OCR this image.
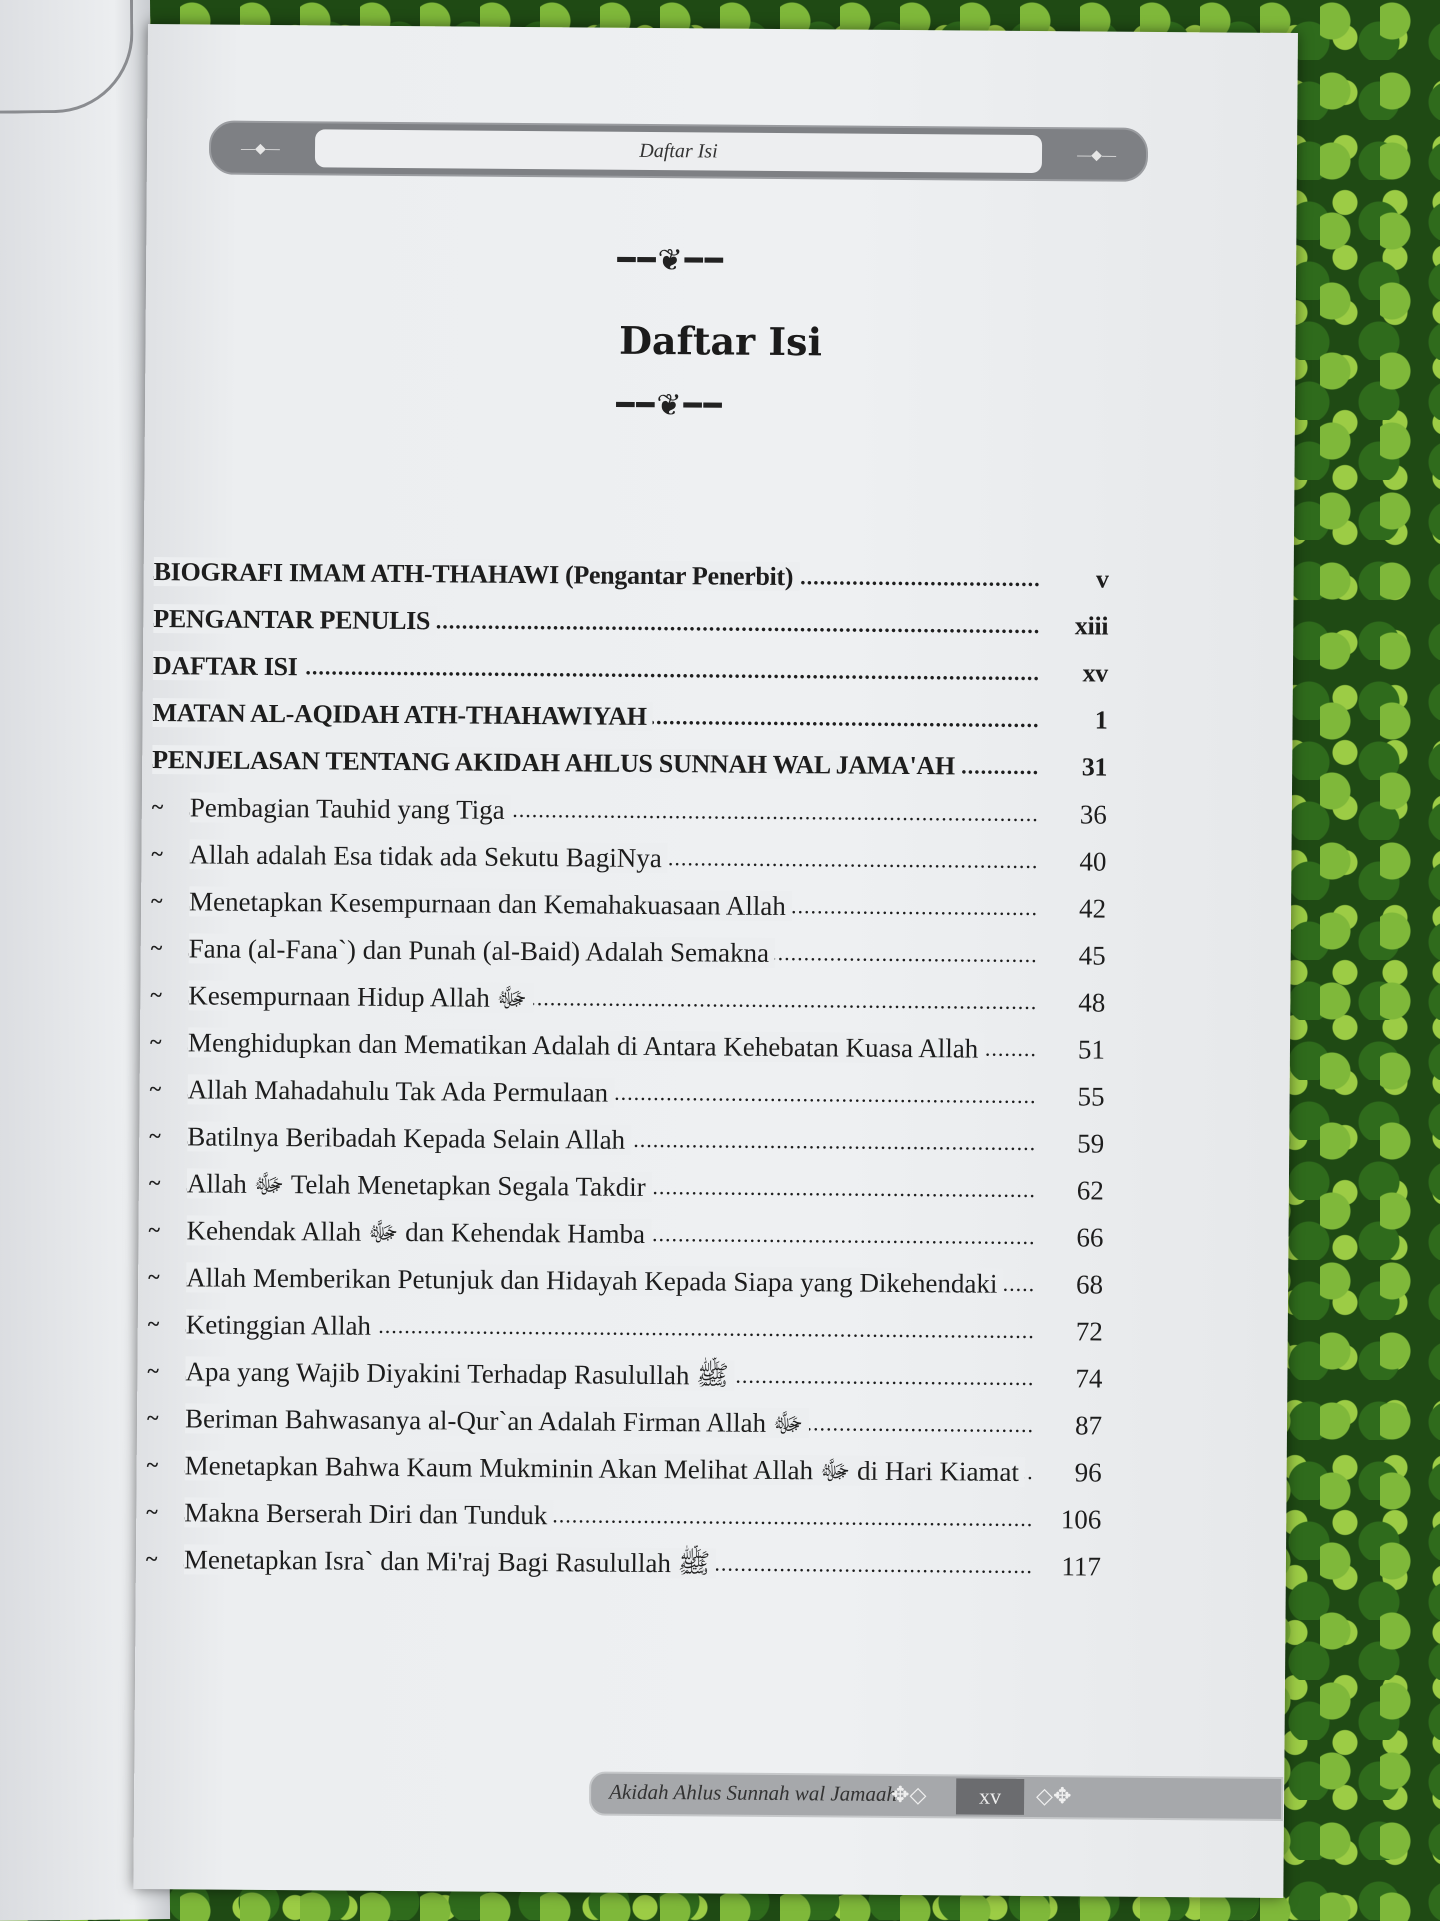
—◆—	Daftar Isi	—◆—
━━❦━━
Daftar Isi
━━❦━━
BIOGRAFI IMAM ATH-THAHAWI (Pengantar Penerbit) .....	v
PENGANTAR PENULIS .....	xiii
DAFTAR ISI .....	xv
MATAN AL-AQIDAH ATH-THAHAWIYAH .....	1
PENJELASAN TENTANG AKIDAH AHLUS SUNNAH WAL JAMA'AH .....	31
~ Pembagian Tauhid yang Tiga .....	36
~ Allah adalah Esa tidak ada Sekutu BagiNya .....	40
~ Menetapkan Kesempurnaan dan Kemahakuasaan Allah .....	42
~ Fana (al-Fana`) dan Punah (al-Baid) Adalah Semakna .....	45
~ Kesempurnaan Hidup Allah ﷻ .....	48
~ Menghidupkan dan Mematikan Adalah di Antara Kehebatan Kuasa Allah .....	51
~ Allah Mahadahulu Tak Ada Permulaan .....	55
~ Batilnya Beribadah Kepada Selain Allah .....	59
~ Allah ﷻ Telah Menetapkan Segala Takdir .....	62
~ Kehendak Allah ﷻ dan Kehendak Hamba .....	66
~ Allah Memberikan Petunjuk dan Hidayah Kepada Siapa yang Dikehendaki .....	68
~ Ketinggian Allah .....	72
~ Apa yang Wajib Diyakini Terhadap Rasulullah ﷺ .....	74
~ Beriman Bahwasanya al-Qur`an Adalah Firman Allah ﷻ .....	87
~ Menetapkan Bahwa Kaum Mukminin Akan Melihat Allah ﷻ di Hari Kiamat .....	96
~ Makna Berserah Diri dan Tunduk .....	106
~ Menetapkan Isra` dan Mi'raj Bagi Rasulullah ﷺ .....	117
Akidah Ahlus Sunnah wal Jamaah
✥◇	xv	◇✥
